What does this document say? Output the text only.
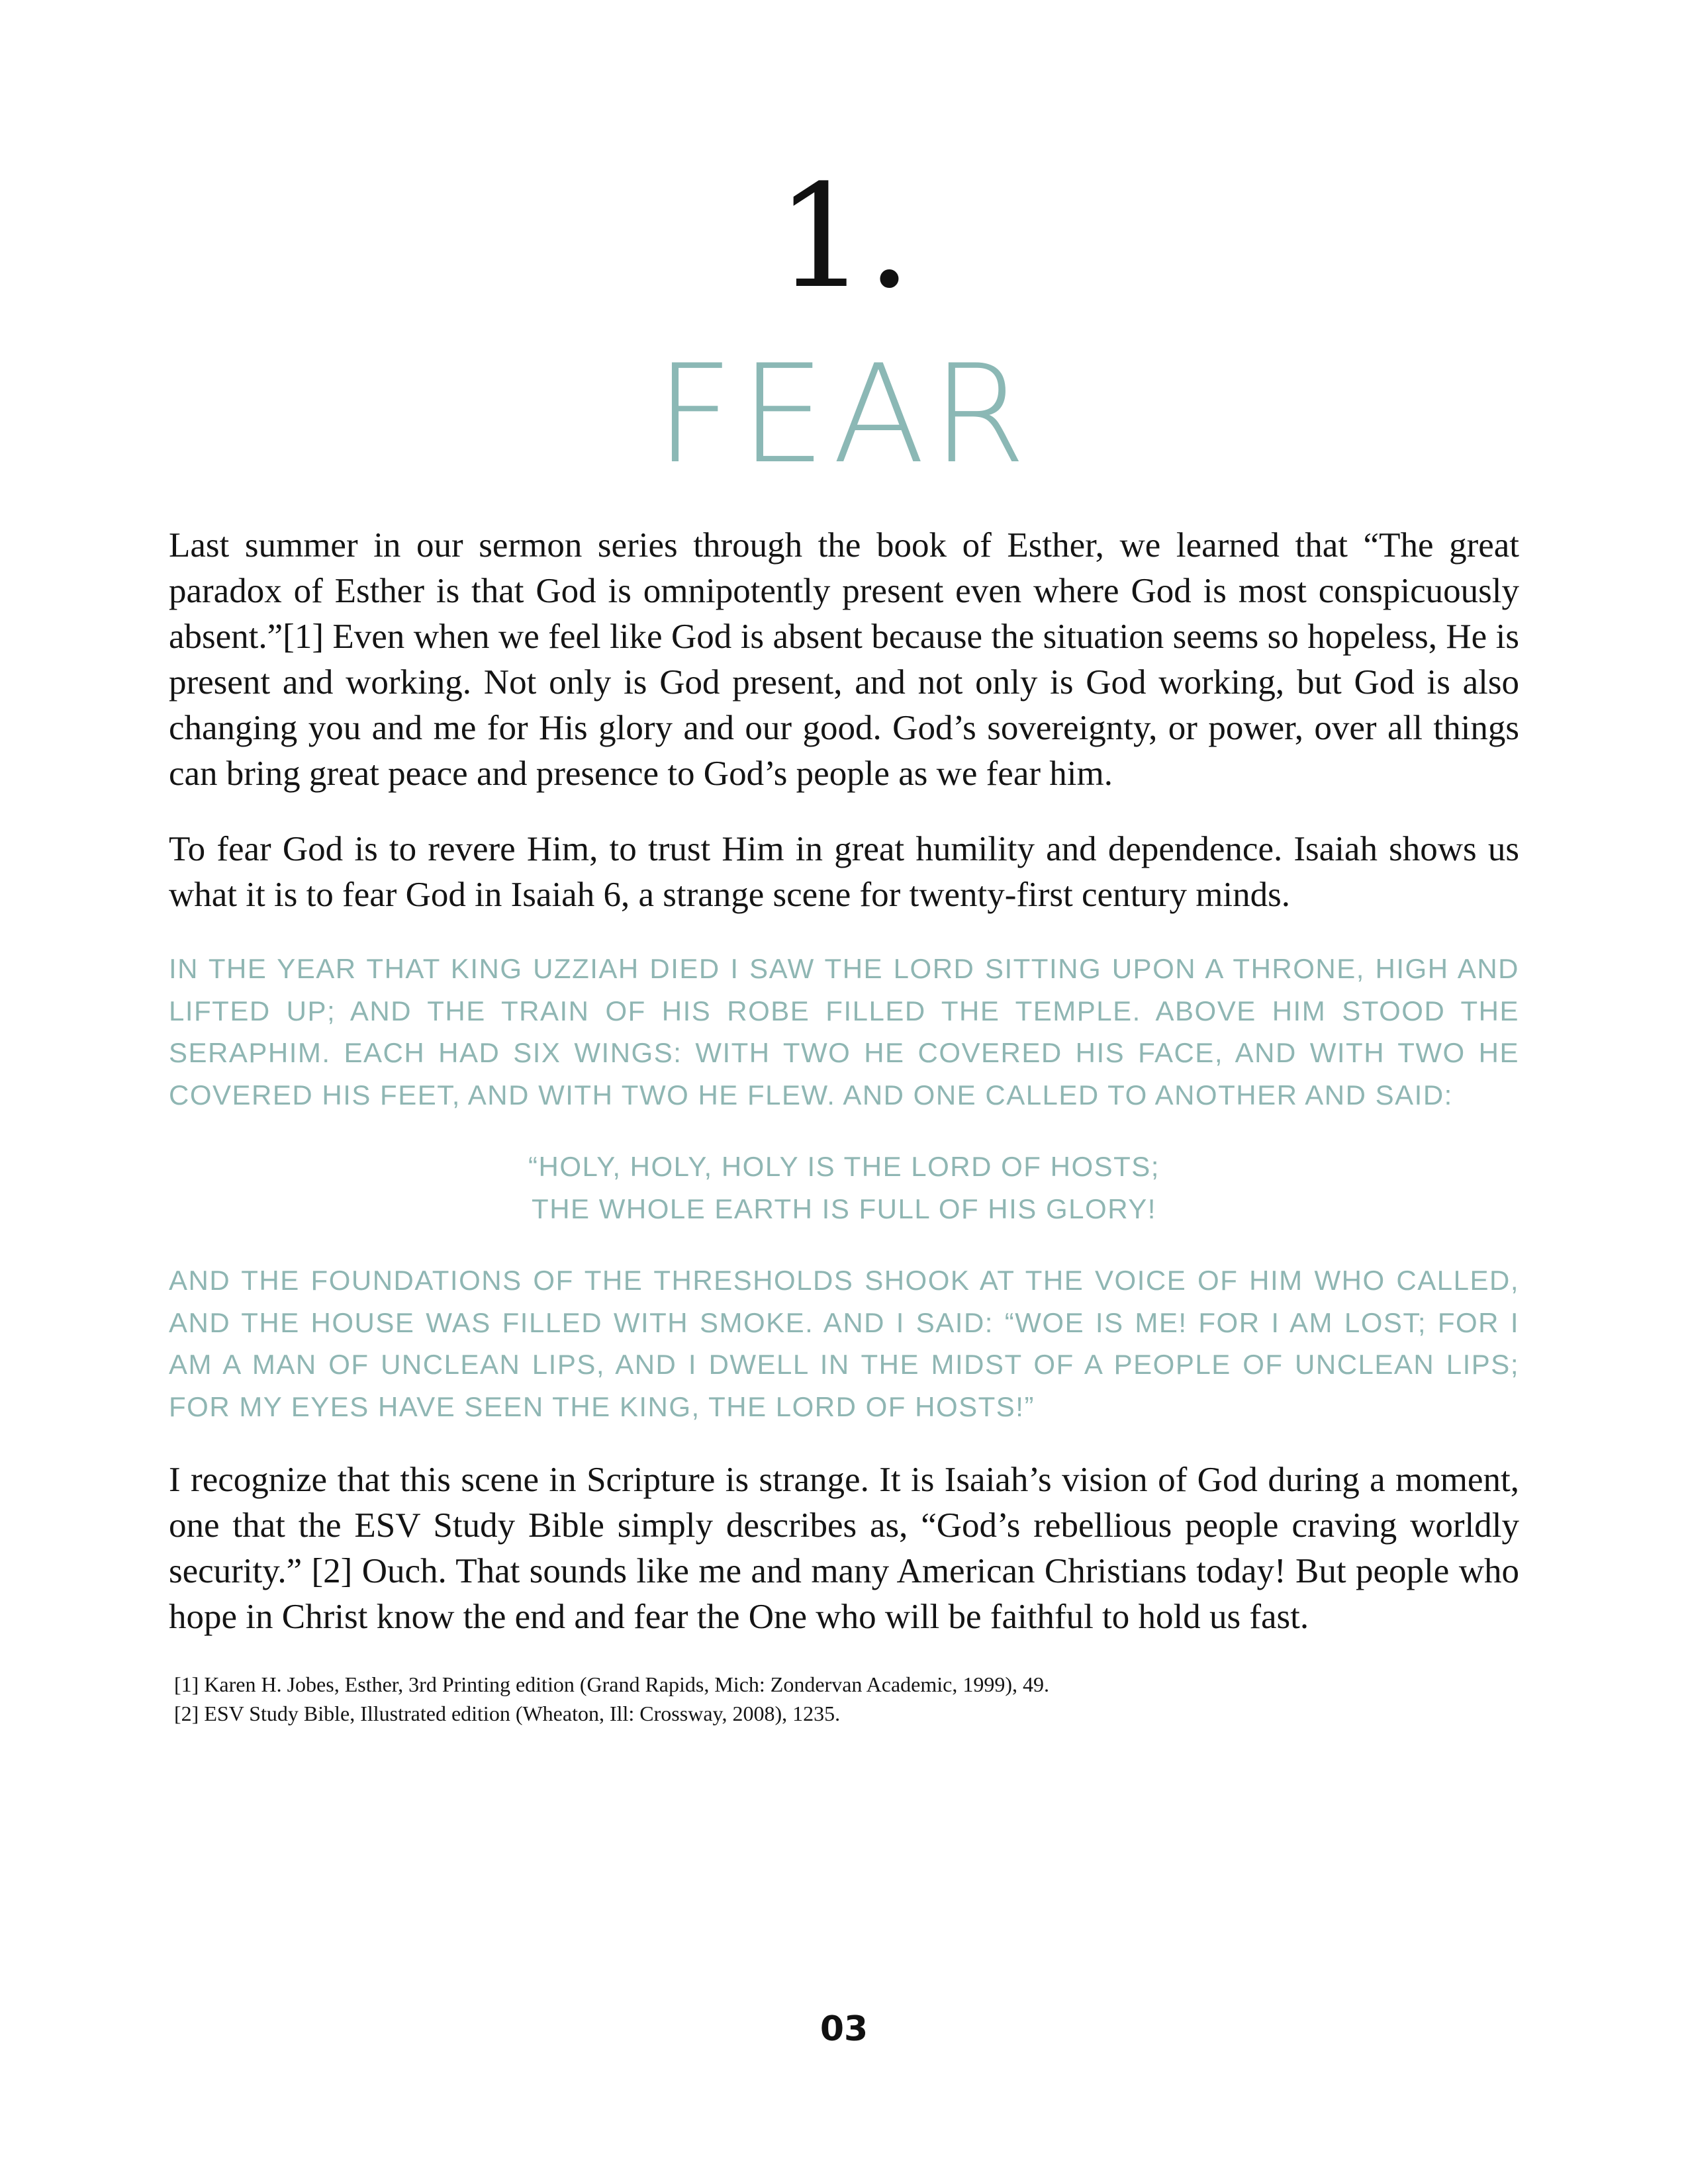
1.
FEAR

Last summer in our sermon series through the book of Esther, we learned that “The great paradox of Esther is that God is omnipotently present even where God is most conspicuously absent.”[1] Even when we feel like God is absent because the situation seems so hopeless, He is present and working. Not only is God present, and not only is God working, but God is also changing you and me for His glory and our good. God’s sovereignty, or power, over all things can bring great peace and presence to God’s people as we fear him.

To fear God is to revere Him, to trust Him in great humility and dependence. Isaiah shows us what it is to fear God in Isaiah 6, a strange scene for twenty-first century minds.

IN THE YEAR THAT KING UZZIAH DIED I SAW THE LORD SITTING UPON A THRONE, HIGH AND LIFTED UP; AND THE TRAIN OF HIS ROBE FILLED THE TEMPLE. ABOVE HIM STOOD THE SERAPHIM. EACH HAD SIX WINGS: WITH TWO HE COVERED HIS FACE, AND WITH TWO HE COVERED HIS FEET, AND WITH TWO HE FLEW. AND ONE CALLED TO ANOTHER AND SAID:

“HOLY, HOLY, HOLY IS THE LORD OF HOSTS;
THE WHOLE EARTH IS FULL OF HIS GLORY!

AND THE FOUNDATIONS OF THE THRESHOLDS SHOOK AT THE VOICE OF HIM WHO CALLED, AND THE HOUSE WAS FILLED WITH SMOKE. AND I SAID: “WOE IS ME! FOR I AM LOST; FOR I AM A MAN OF UNCLEAN LIPS, AND I DWELL IN THE MIDST OF A PEOPLE OF UNCLEAN LIPS; FOR MY EYES HAVE SEEN THE KING, THE LORD OF HOSTS!”

I recognize that this scene in Scripture is strange. It is Isaiah’s vision of God during a moment, one that the ESV Study Bible simply describes as, “God’s rebellious people craving worldly security.” [2] Ouch. That sounds like me and many American Christians today! But people who hope in Christ know the end and fear the One who will be faithful to hold us fast.

[1] Karen H. Jobes, Esther, 3rd Printing edition (Grand Rapids, Mich: Zondervan Academic, 1999), 49.

[2] ESV Study Bible, Illustrated edition (Wheaton, Ill: Crossway, 2008), 1235.

03
